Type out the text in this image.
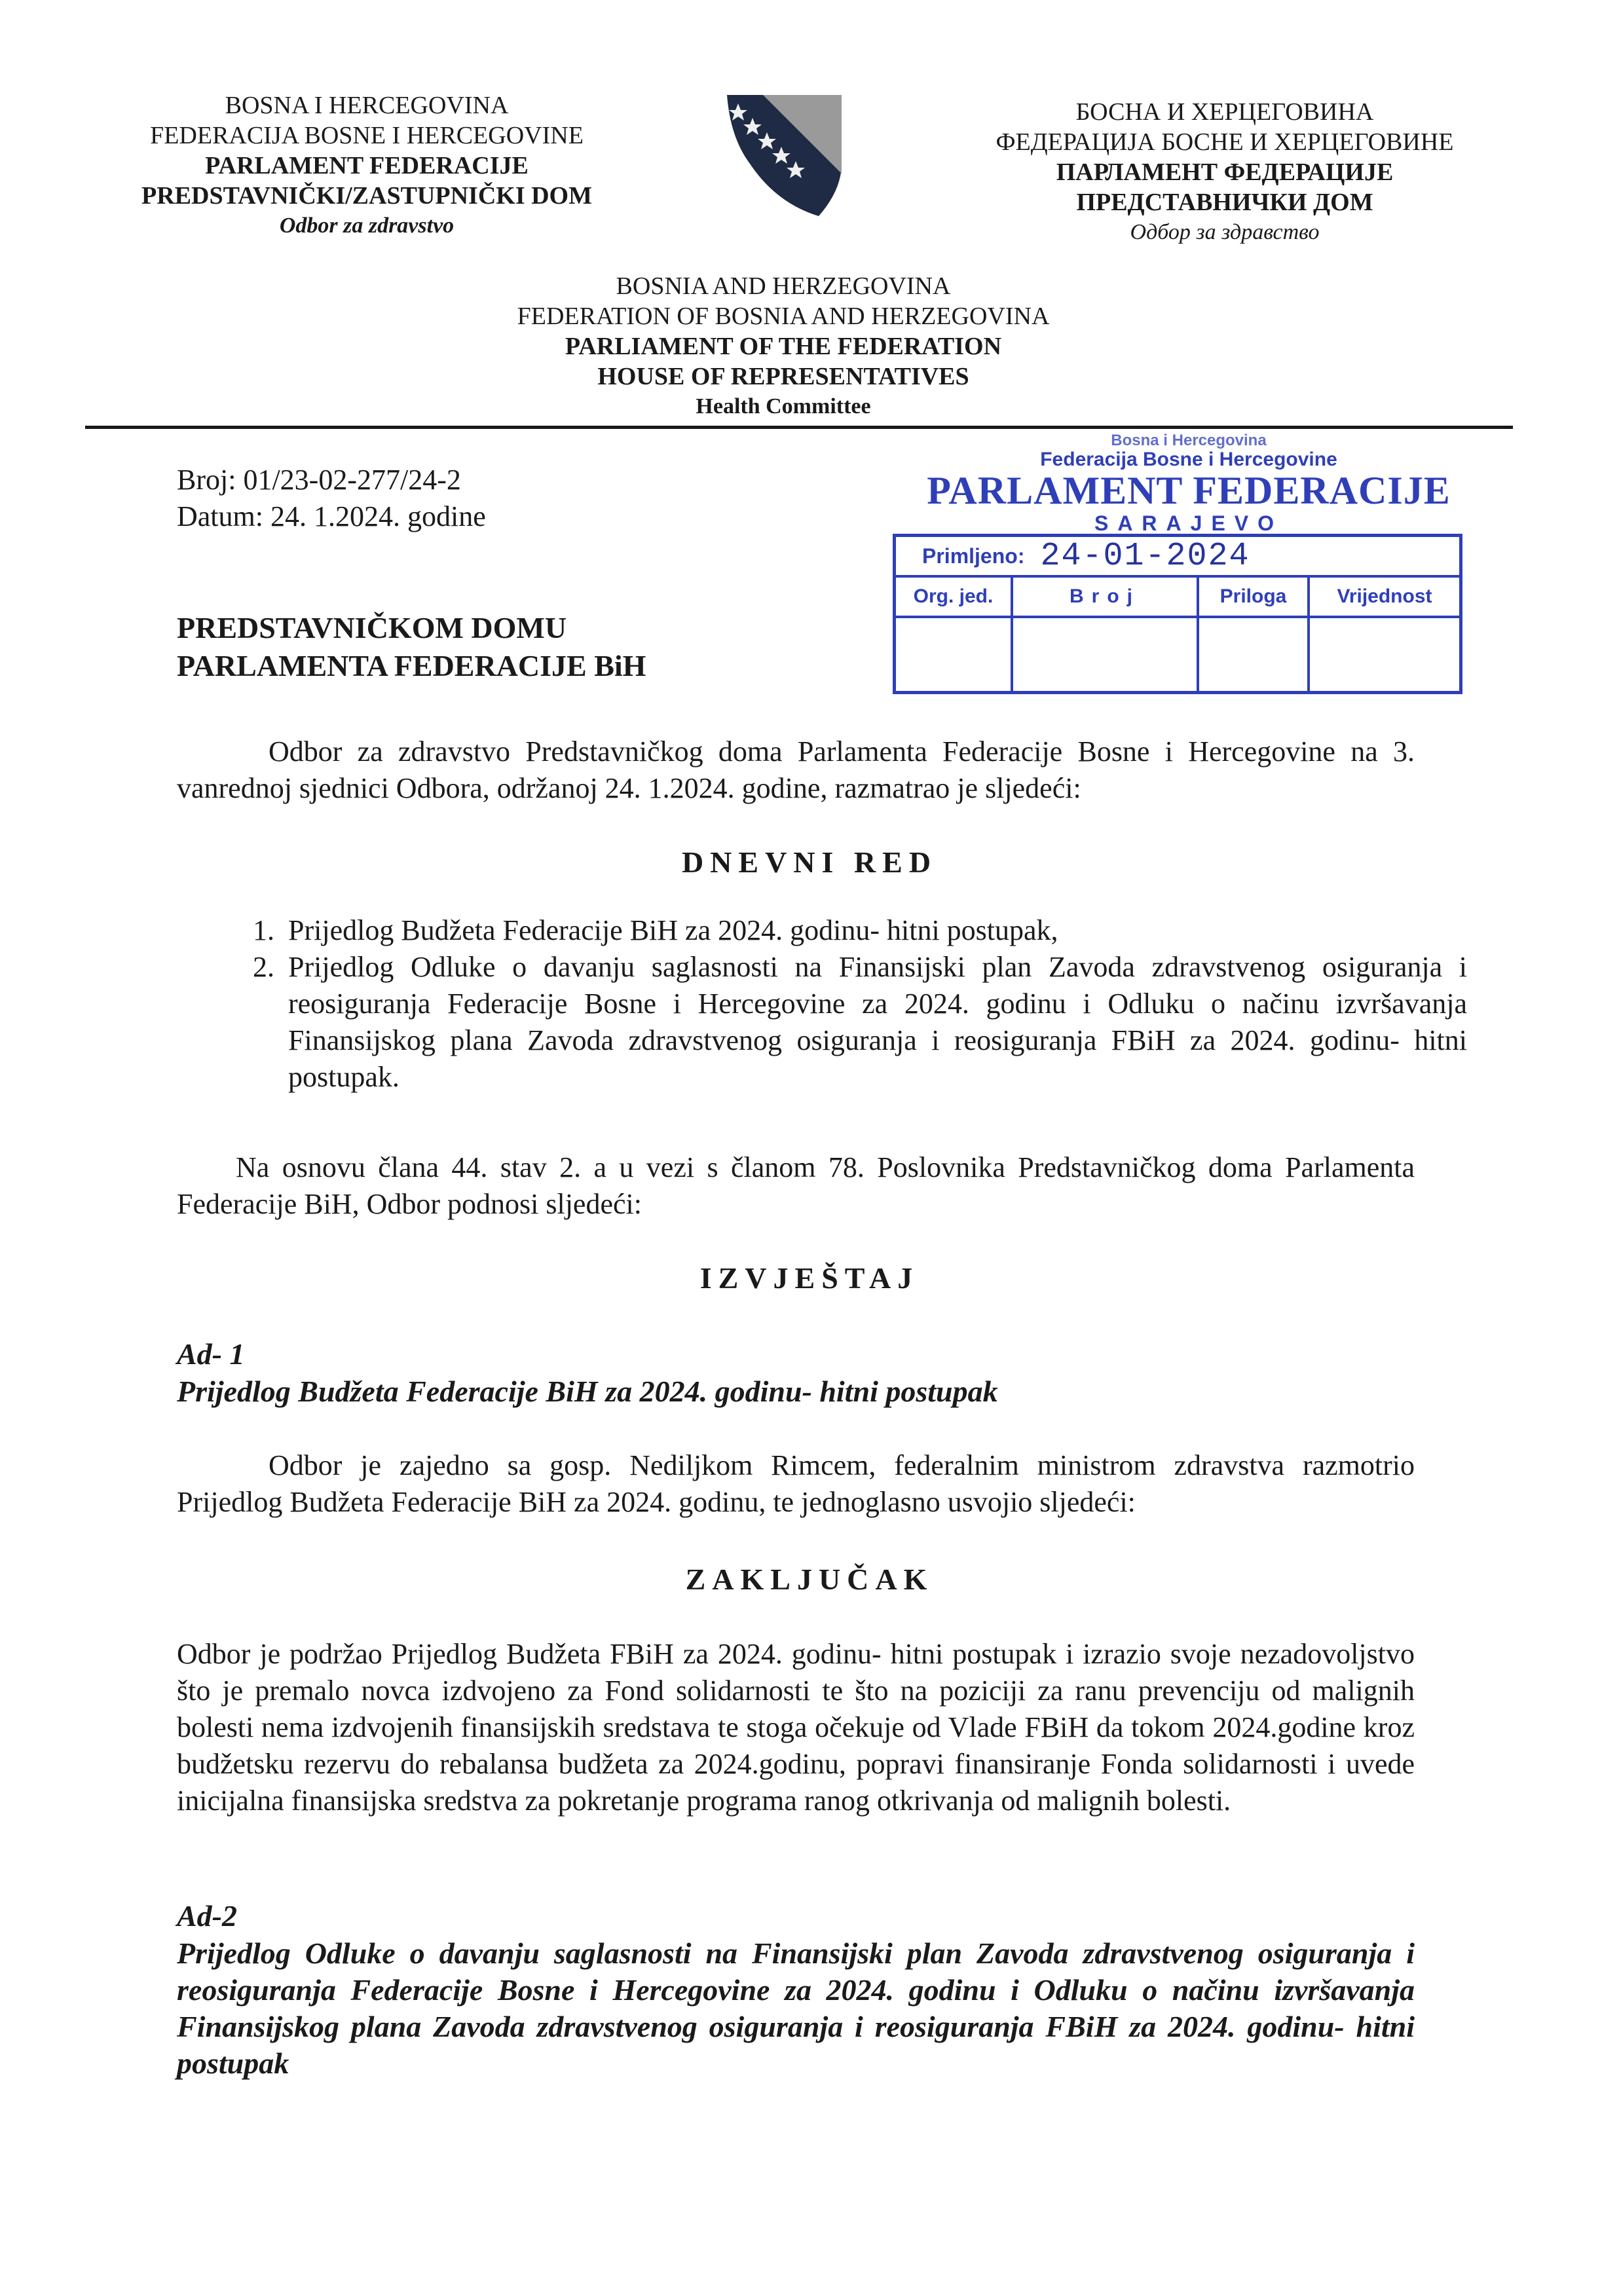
BOSNA I HERCEGOVINA
FEDERACIJA BOSNE I HERCEGOVINE
PARLAMENT FEDERACIJE
PREDSTAVNIČKI/ZASTUPNIČKI DOM
Odbor za zdravstvo
БОСНА И ХЕРЦЕГОВИНА
ФЕДЕРАЦИЈА БОСНЕ И ХЕРЦЕГОВИНЕ
ПАРЛАМЕНТ ФЕДЕРАЦИЈЕ
ПРЕДСТАВНИЧКИ ДОМ
Одбор за здравство
BOSNIA AND HERZEGOVINA
FEDERATION OF BOSNIA AND HERZEGOVINA
PARLIAMENT OF THE FEDERATION
HOUSE OF REPRESENTATIVES
Health Committee
Broj: 01/23-02-277/24-2
Datum: 24. 1.2024. godine
Bosna i Hercegovina
Federacija Bosne i Hercegovine
PARLAMENT FEDERACIJE
SARAJEVO
Primljeno: 24-01-2024
Org. jed.	Broj	Priloga	Vrijednost
PREDSTAVNIČKOM DOMU
PARLAMENTA FEDERACIJE BiH
Odbor za zdravstvo Predstavničkog doma Parlamenta Federacije Bosne i Hercegovine na 3. vanrednoj sjednici Odbora, održanoj 24. 1.2024. godine, razmatrao je sljedeći:
DNEVNI RED
1. Prijedlog Budžeta Federacije BiH za 2024. godinu- hitni postupak,
2. Prijedlog Odluke o davanju saglasnosti na Finansijski plan Zavoda zdravstvenog osiguranja i reosiguranja Federacije Bosne i Hercegovine za 2024. godinu i Odluku o načinu izvršavanja Finansijskog plana Zavoda zdravstvenog osiguranja i reosiguranja FBiH za 2024. godinu- hitni postupak.
Na osnovu člana 44. stav 2. a u vezi s članom 78. Poslovnika Predstavničkog doma Parlamenta Federacije BiH, Odbor podnosi sljedeći:
IZVJEŠTAJ
Ad- 1
Prijedlog Budžeta Federacije BiH za 2024. godinu- hitni postupak
Odbor je zajedno sa gosp. Nediljkom Rimcem, federalnim ministrom zdravstva razmotrio Prijedlog Budžeta Federacije BiH za 2024. godinu, te jednoglasno usvojio sljedeći:
ZAKLJUČAK
Odbor je podržao Prijedlog Budžeta FBiH za 2024. godinu- hitni postupak i izrazio svoje nezadovoljstvo što je premalo novca izdvojeno za Fond solidarnosti te što na poziciji za ranu prevenciju od malignih bolesti nema izdvojenih finansijskih sredstava te stoga očekuje od Vlade FBiH da tokom 2024.godine kroz budžetsku rezervu do rebalansa budžeta za 2024.godinu, popravi finansiranje Fonda solidarnosti i uvede inicijalna finansijska sredstva za pokretanje programa ranog otkrivanja od malignih bolesti.
Ad-2
Prijedlog Odluke o davanju saglasnosti na Finansijski plan Zavoda zdravstvenog osiguranja i reosiguranja Federacije Bosne i Hercegovine za 2024. godinu i Odluku o načinu izvršavanja Finansijskog plana Zavoda zdravstvenog osiguranja i reosiguranja FBiH za 2024. godinu- hitni postupak
